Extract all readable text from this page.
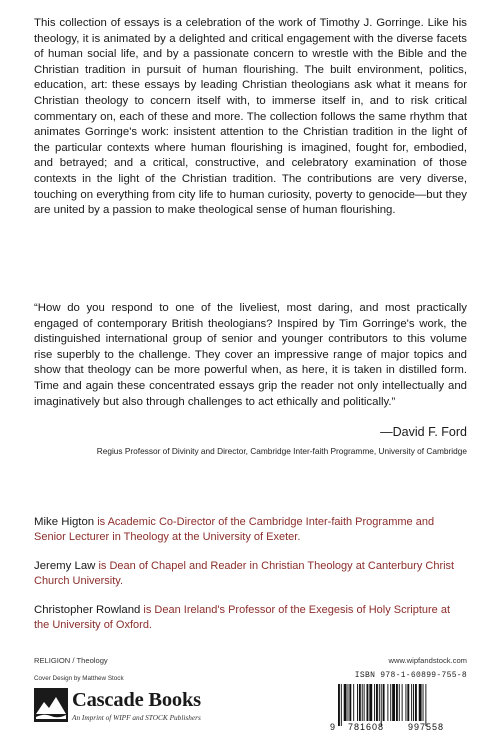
This collection of essays is a celebration of the work of Timothy J. Gorringe. Like his theology, it is animated by a delighted and critical engagement with the diverse facets of human social life, and by a passionate concern to wrestle with the Bible and the Christian tradition in pursuit of human flourishing. The built environment, politics, education, art: these essays by leading Christian theologians ask what it means for Christian theology to concern itself with, to immerse itself in, and to risk critical commentary on, each of these and more. The collection follows the same rhythm that animates Gorringe's work: insistent attention to the Christian tradition in the light of the particular contexts where human flourishing is imagined, fought for, embodied, and betrayed; and a critical, constructive, and celebratory examination of those contexts in the light of the Christian tradition. The contributions are very diverse, touching on everything from city life to human curiosity, poverty to genocide—but they are united by a passion to make theological sense of human flourishing.

“How do you respond to one of the liveliest, most daring, and most practically engaged of contemporary British theologians? Inspired by Tim Gorringe's work, the distinguished international group of senior and younger contributors to this volume rise superbly to the challenge. They cover an impressive range of major topics and show that theology can be more powerful when, as here, it is taken in distilled form. Time and again these concentrated essays grip the reader not only intellectually and imaginatively but also through challenges to act ethically and politically.”

—David F. Ford
Regius Professor of Divinity and Director, Cambridge Inter-faith Programme, University of Cambridge

Mike Higton is Academic Co-Director of the Cambridge Inter-faith Programme and Senior Lecturer in Theology at the University of Exeter.

Jeremy Law is Dean of Chapel and Reader in Christian Theology at Canterbury Christ Church University.

Christopher Rowland is Dean Ireland's Professor of the Exegesis of Holy Scripture at the University of Oxford.

RELIGION / Theology
Cover Design by Matthew Stock
www.wipfandstock.com
Cascade Books
An Imprint of WIPF and STOCK Publishers
ISBN 978-1-60899-755-8
9 781608	997558
